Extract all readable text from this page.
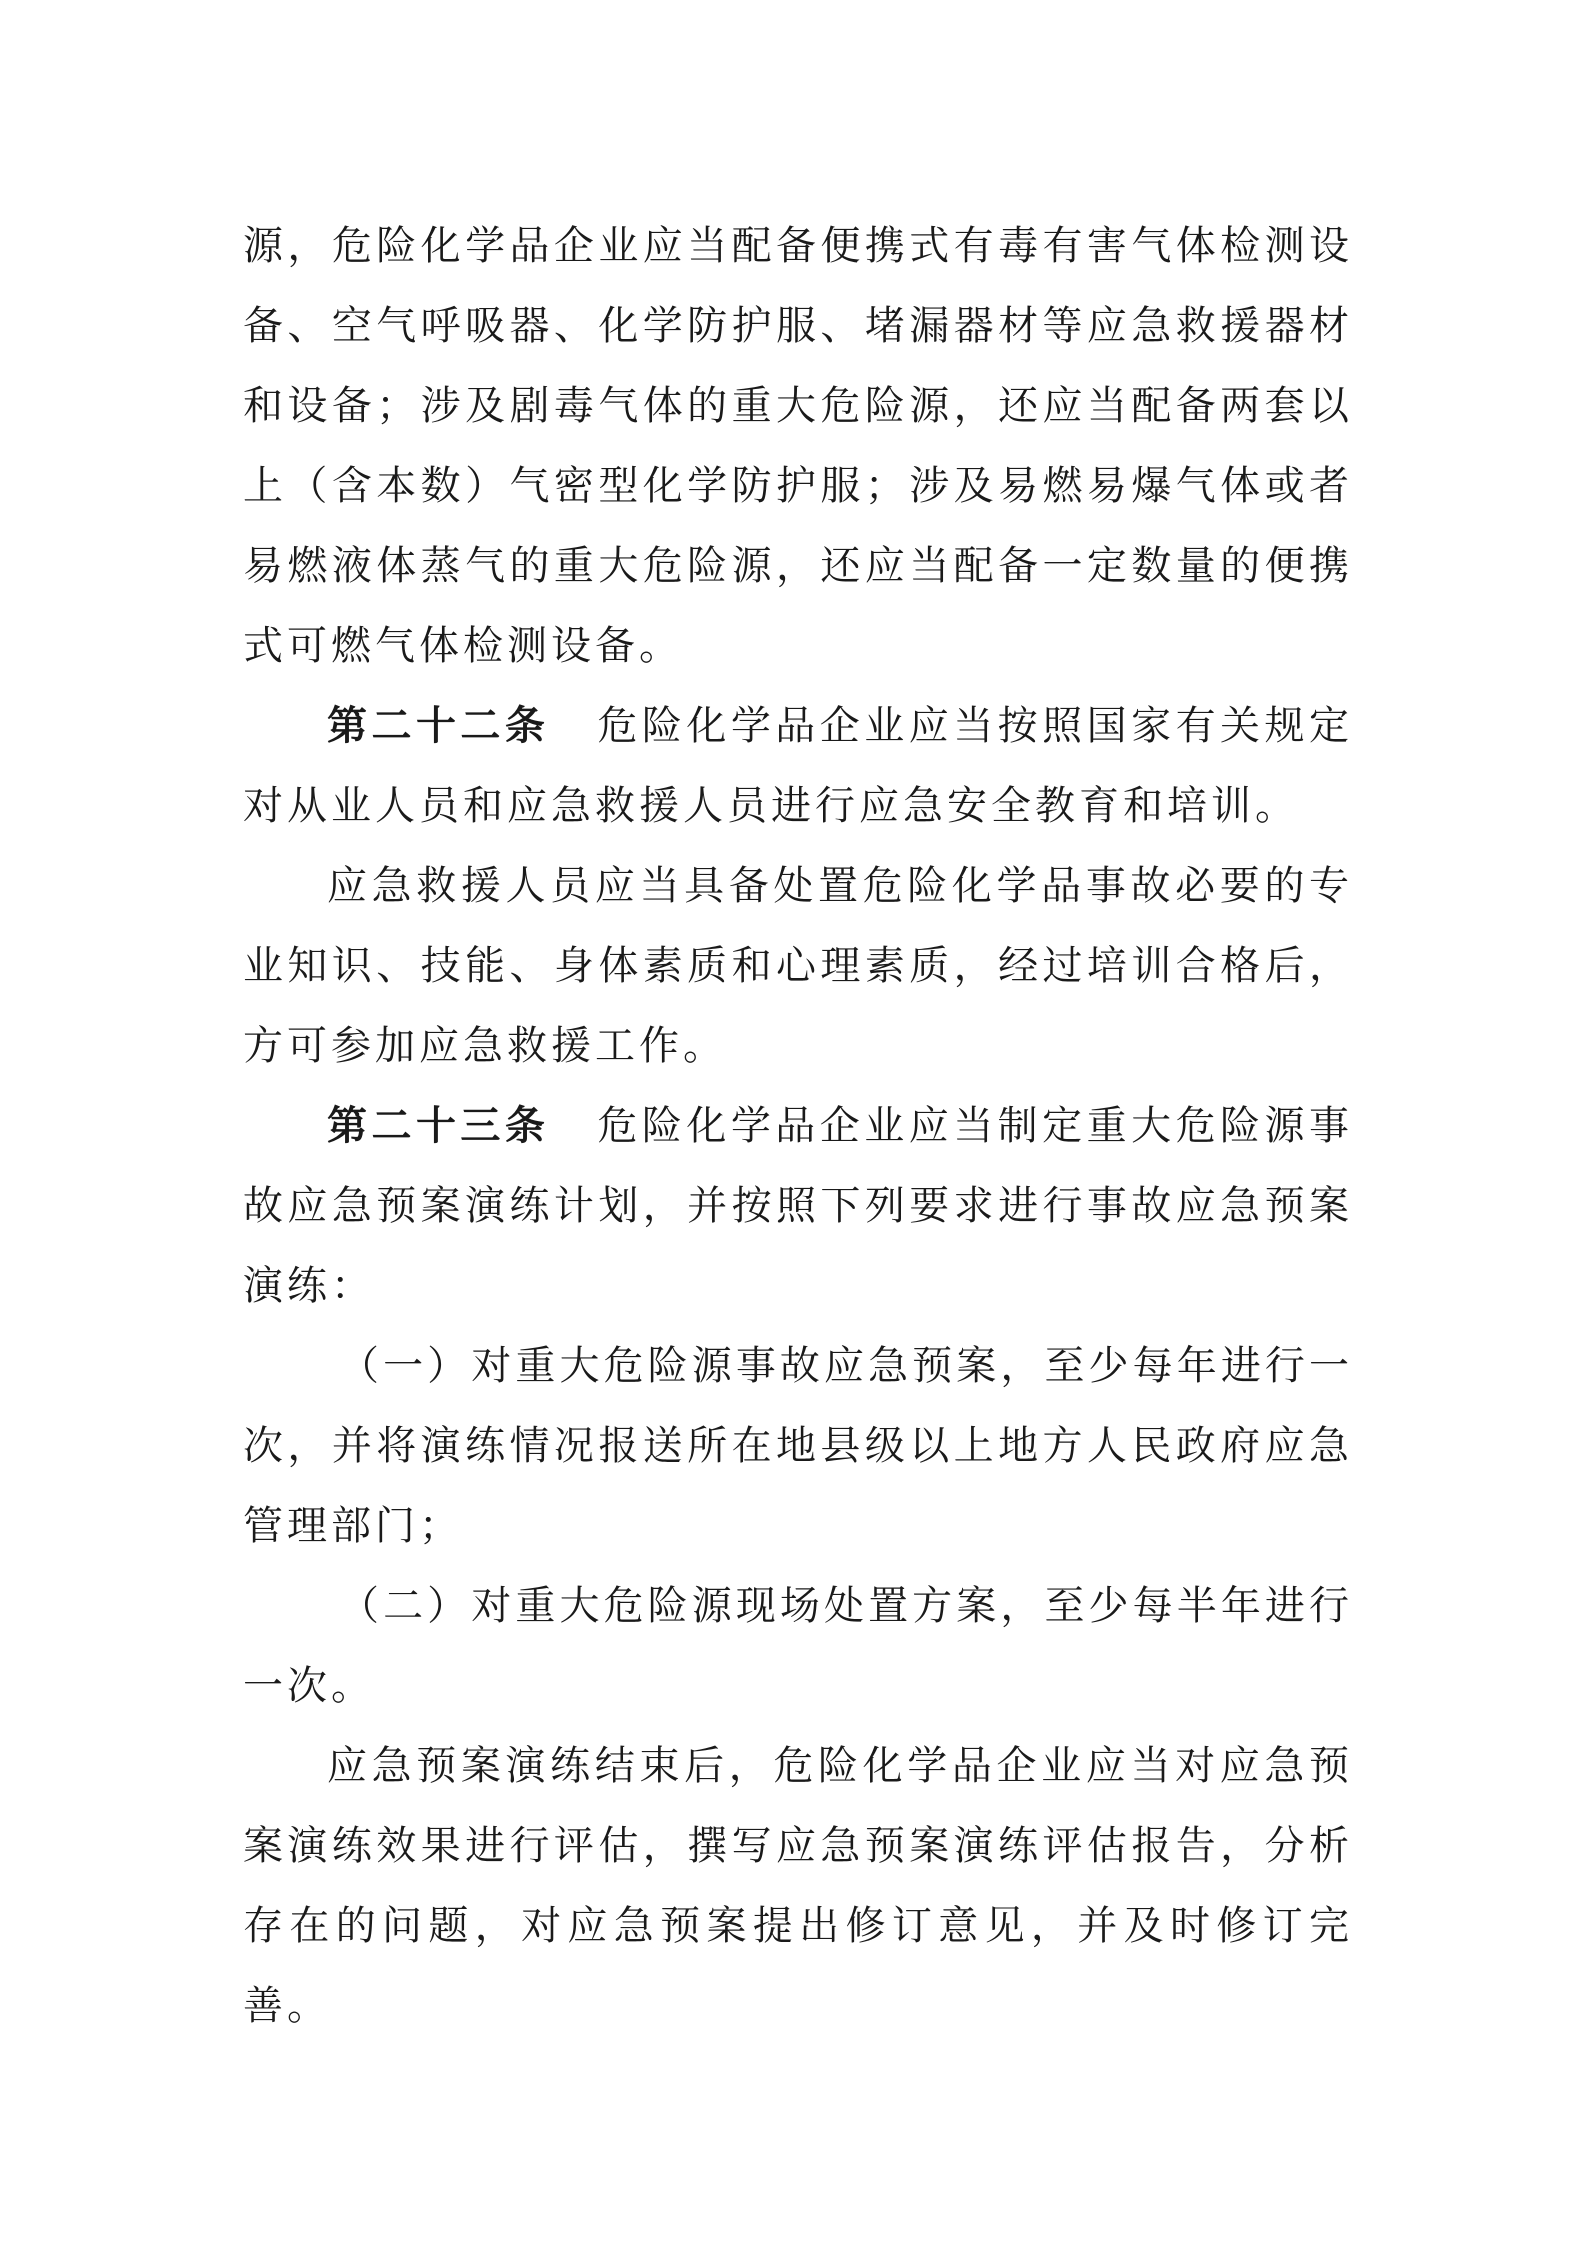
源，危险化学品企业应当配备便携式有毒有害气体检测设备、空气呼吸器、化学防护服、堵漏器材等应急救援器材和设备；涉及剧毒气体的重大危险源，还应当配备两套以上（含本数）气密型化学防护服；涉及易燃易爆气体或者易燃液体蒸气的重大危险源，还应当配备一定数量的便携式可燃气体检测设备。

第二十二条 危险化学品企业应当按照国家有关规定对从业人员和应急救援人员进行应急安全教育和培训。

应急救援人员应当具备处置危险化学品事故必要的专业知识、技能、身体素质和心理素质，经过培训合格后，方可参加应急救援工作。

第二十三条 危险化学品企业应当制定重大危险源事故应急预案演练计划，并按照下列要求进行事故应急预案演练：

（一）对重大危险源事故应急预案，至少每年进行一次，并将演练情况报送所在地县级以上地方人民政府应急管理部门；

（二）对重大危险源现场处置方案，至少每半年进行一次。

应急预案演练结束后，危险化学品企业应当对应急预案演练效果进行评估，撰写应急预案演练评估报告，分析存在的问题，对应急预案提出修订意见，并及时修订完善。
